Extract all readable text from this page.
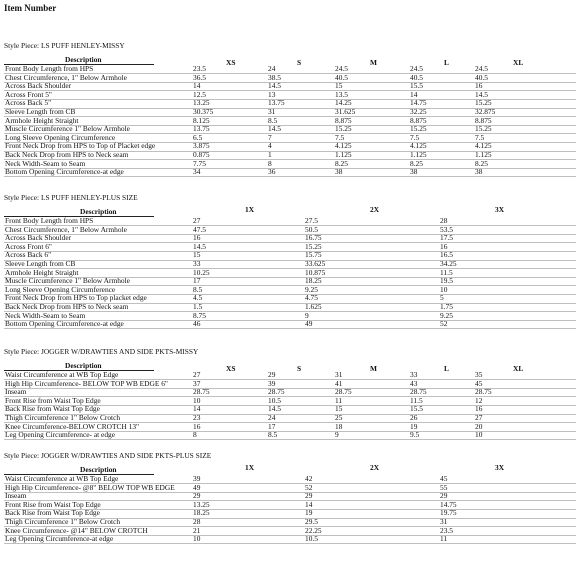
Item Number
Style Piece: LS PUFF HENLEY-MISSY
Description	XS	S	M	L	XL
Front Body Length from HPS	23.5	24	24.5	24.5	24.5
Chest Circumference, 1" Below Armhole	36.5	38.5	40.5	40.5	40.5
Across Back Shoulder	14	14.5	15	15.5	16
Across Front 5"	12.5	13	13.5	14	14.5
Across Back 5"	13.25	13.75	14.25	14.75	15.25
Sleeve Length from CB	30.375	31	31.625	32.25	32.875
Armhole Height Straight	8.125	8.5	8.875	8.875	8.875
Muscle Circumference 1" Below Armhole	13.75	14.5	15.25	15.25	15.25
Long Sleeve Opening Circumference	6.5	7	7.5	7.5	7.5
Front Neck Drop from HPS to Top of Placket edge	3.875	4	4.125	4.125	4.125
Back Neck Drop from HPS to Neck seam	0.875	1	1.125	1.125	1.125
Neck Width-Seam to Seam	7.75	8	8.25	8.25	8.25
Bottom Opening Circumference-at edge	34	36	38	38	38
Style Piece: LS PUFF HENLEY-PLUS SIZE
Description	1X	2X	3X
Front Body Length from HPS	27	27.5	28
Chest Circumference, 1" Below Armhole	47.5	50.5	53.5
Across Back Shoulder	16	16.75	17.5
Across Front 6"	14.5	15.25	16
Across Back 6"	15	15.75	16.5
Sleeve Length from CB	33	33.625	34.25
Armhole Height Straight	10.25	10.875	11.5
Muscle Circumference 1" Below Armhole	17	18.25	19.5
Long Sleeve Opening Circumference	8.5	9.25	10
Front Neck Drop from HPS to Top placket edge	4.5	4.75	5
Back Neck Drop from HPS to Neck seam	1.5	1.625	1.75
Neck Width-Seam to Seam	8.75	9	9.25
Bottom Opening Circumference-at edge	46	49	52
Style Piece: JOGGER W/DRAWTIES AND SIDE PKTS-MISSY
Description	XS	S	M	L	XL
Waist Circumference at WB Top Edge	27	29	31	33	35
High Hip Circumference- BELOW TOP WB EDGE 6"	37	39	41	43	45
Inseam	28.75	28.75	28.75	28.75	28.75
Front Rise from Waist Top Edge	10	10.5	11	11.5	12
Back Rise from Waist Top Edge	14	14.5	15	15.5	16
Thigh Circumference 1" Below Crotch	23	24	25	26	27
Knee Circumference-BELOW CROTCH 13"	16	17	18	19	20
Leg Opening Circumference- at edge	8	8.5	9	9.5	10
Style Piece: JOGGER W/DRAWTIES AND SIDE PKTS-PLUS SIZE
Description	1X	2X	3X
Waist Circumference at WB Top Edge	39	42	45
High Hip Circumference- @8" BELOW TOP WB EDGE 49	52	55
Inseam	29	29	29
Front Rise from Waist Top Edge	13.25	14	14.75
Back Rise from Waist Top Edge	18.25	19	19.75
Thigh Circumference 1" Below Crotch	28	29.5	31
Knee Circumference- @14" BELOW CROTCH	21	22.25	23.5
Leg Opening Circumference-at edge	10	10.5	11
